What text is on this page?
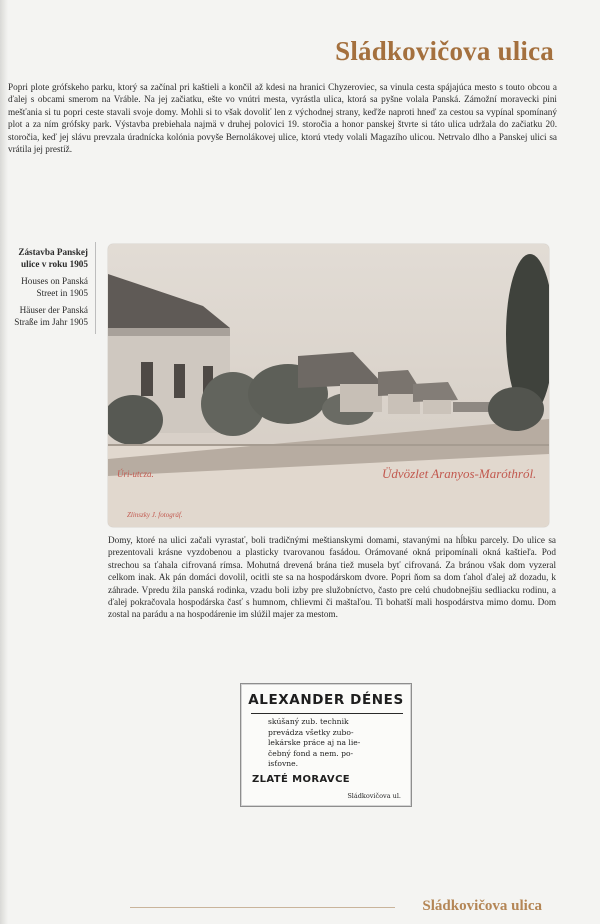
Sládkovičova ulica

Popri plote grófskeho parku, ktorý sa začínal pri kaštieli a končil až kdesi na hranici Chyzeroviec, sa vinula cesta spájajúca mesto s touto obcou a ďalej s obcami smerom na Vráble. Na jej začiatku, ešte vo vnútri mesta, vyrástla ulica, ktorá sa pyšne volala Panská. Zámožní moravecki pini mešťania si tu popri ceste stavali svoje domy. Mohli si to však dovoliť len z východnej strany, keďže naproti hneď za cestou sa vypínal spomínaný plot a za ním grófsky park. Výstavba prebiehala najmä v druhej polovici 19. storočia a honor panskej štvrte si táto ulica udržala do začiatku 20. storočia, keď jej slávu prevzala úradnícka kolónia povyše Bernolákovej ulice, ktorú vtedy volali Magazího ulicou. Netrvalo dlho a Panskej ulici sa vrátila jej prestíž.

Zástavba Panskej ulice v roku 1905
Houses on Panská Street in 1905
Häuser der Panská Straße im Jahr 1905
Úri-utcza.	Üdvözlet Aranyos-Maróthról.
Zlinszky J. fotográf.

Domy, ktoré na ulici začali vyrastať, boli tradičnými meštianskymi domami, stavanými na hĺbku parcely. Do ulice sa prezentovali krásne vyzdobenou a plasticky tvarovanou fasádou. Orámované okná pripomínali okná kaštieľa. Pod strechou sa ťahala cifrovaná rímsa. Mohutná drevená brána tiež musela byť cifrovaná. Za bránou však dom vyzeral celkom inak. Ak pán domáci dovolil, ocitli ste sa na hospodárskom dvore. Popri ňom sa dom ťahol ďalej až dozadu, k záhrade. Vpredu žila panská rodinka, vzadu boli izby pre služobníctvo, často pre celú chudobnejšiu sedliacku rodinu, a ďalej pokračovala hospodárska časť s humnom, chlievmi či maštaľou. Ti bohatší mali hospodárstva mimo domu. Dom zostal na parádu a na hospodárenie im slúžil majer za mestom.

ALEXANDER DÉNES
skúšaný zub. technik
prevádza všetky zubo-
lekárske práce aj na lie-
čebný fond a nem. po-
isťovne.
ZLATÉ MORAVCE
Sládkovičova ul.
Sládkovičova ulica
